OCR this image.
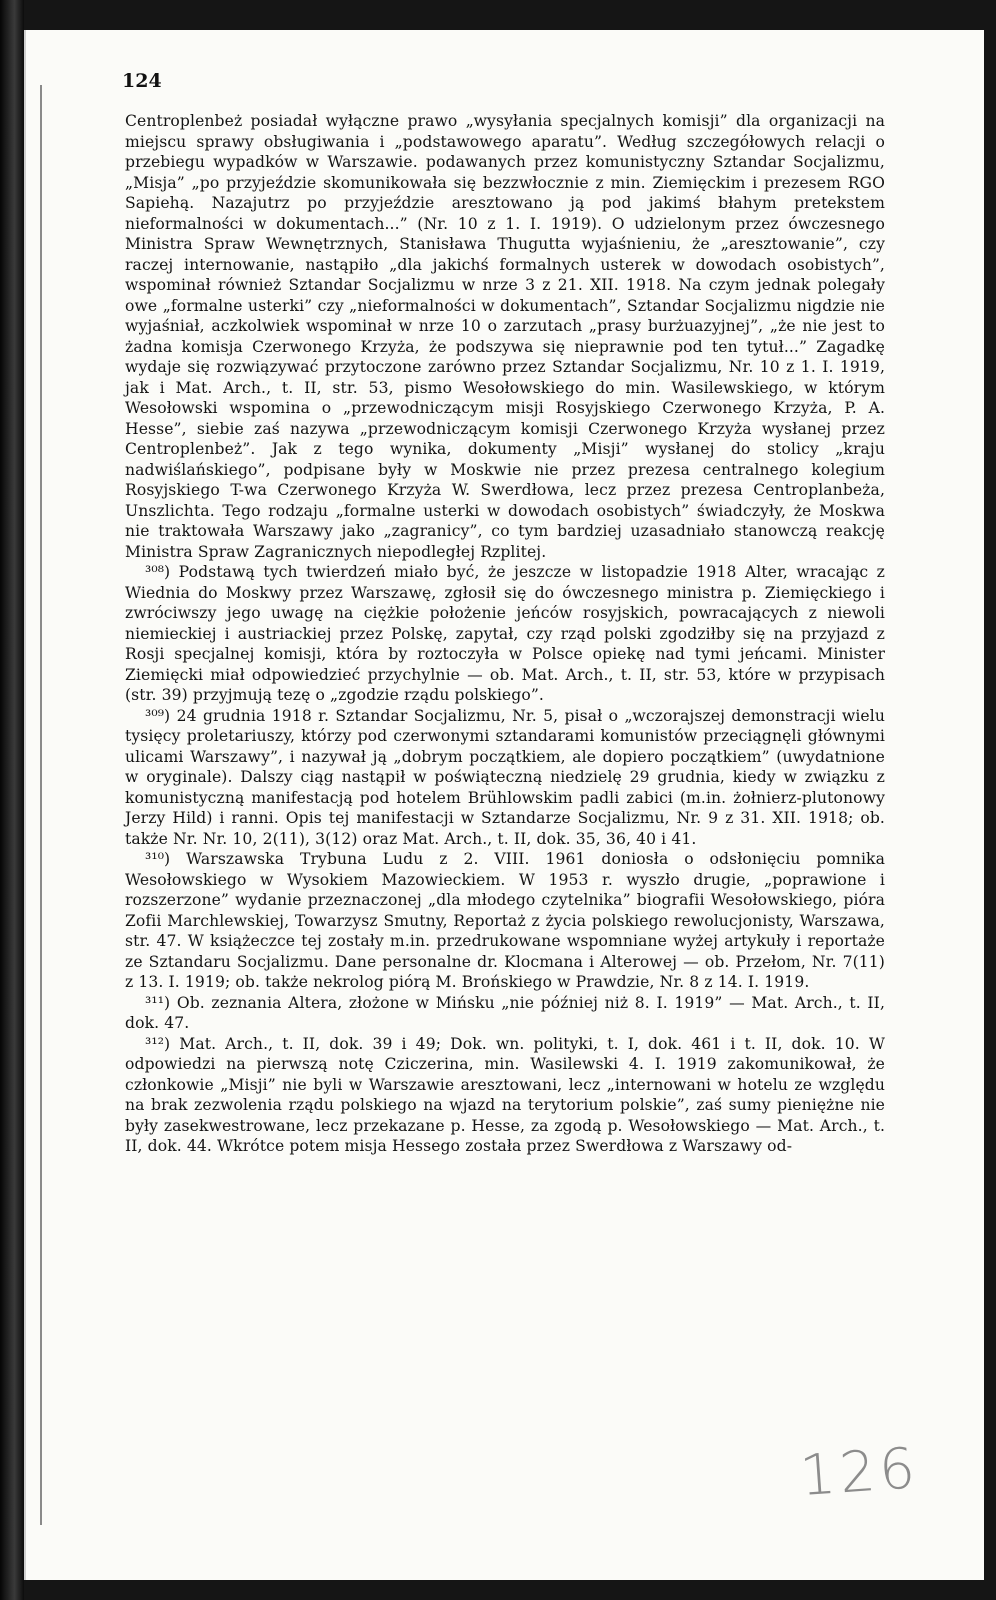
124

Centroplenbeż posiadał wyłączne prawo „wysyłania specjalnych komisji” dla organizacji na miejscu sprawy obsługiwania i „podstawowego aparatu”. Według szczegółowych relacji o przebiegu wypadków w Warszawie. podawanych przez komunistyczny Sztandar Socjalizmu, „Misja” „po przyjeździe skomunikowała się bezzwłocznie z min. Ziemięckim i prezesem RGO Sapiehą. Nazajutrz po przyjeździe aresztowano ją pod jakimś błahym pretekstem nieformalności w dokumentach...” (Nr. 10 z 1. I. 1919). O udzielonym przez ówczesnego Ministra Spraw Wewnętrznych, Stanisława Thugutta wyjaśnieniu, że „aresztowanie”, czy raczej internowanie, nastąpiło „dla jakichś formalnych usterek w dowodach osobistych”, wspominał również Sztandar Socjalizmu w nrze 3 z 21. XII. 1918. Na czym jednak polegały owe „formalne usterki” czy „nieformalności w dokumentach”, Sztandar Socjalizmu nigdzie nie wyjaśniał, aczkolwiek wspominał w nrze 10 o zarzutach „prasy burżuazyjnej”, „że nie jest to żadna komisja Czerwonego Krzyża, że podszywa się nieprawnie pod ten tytuł...” Zagadkę wydaje się rozwiązywać przytoczone zarówno przez Sztandar Socjalizmu, Nr. 10 z 1. I. 1919, jak i Mat. Arch., t. II, str. 53, pismo Wesołowskiego do min. Wasilewskiego, w którym Wesołowski wspomina o „przewodniczącym misji Rosyjskiego Czerwonego Krzyża, P. A. Hesse”, siebie zaś nazywa „przewodniczącym komisji Czerwonego Krzyża wysłanej przez Centroplenbeż”. Jak z tego wynika, dokumenty „Misji” wysłanej do stolicy „kraju nadwiślańskiego”, podpisane były w Moskwie nie przez prezesa centralnego kolegium Rosyjskiego T-wa Czerwonego Krzyża W. Swerdłowa, lecz przez prezesa Centroplanbeża, Unszlichta. Tego rodzaju „formalne usterki w dowodach osobistych” świadczyły, że Moskwa nie traktowała Warszawy jako „zagranicy”, co tym bardziej uzasadniało stanowczą reakcję Ministra Spraw Zagranicznych niepodległej Rzplitej.

³⁰⁸) Podstawą tych twierdzeń miało być, że jeszcze w listopadzie 1918 Alter, wracając z Wiednia do Moskwy przez Warszawę, zgłosił się do ówczesnego ministra p. Ziemięckiego i zwróciwszy jego uwagę na ciężkie położenie jeńców rosyjskich, powracających z niewoli niemieckiej i austriackiej przez Polskę, zapytał, czy rząd polski zgodziłby się na przyjazd z Rosji specjalnej komisji, która by roztoczyła w Polsce opiekę nad tymi jeńcami. Minister Ziemięcki miał odpowiedzieć przychylnie — ob. Mat. Arch., t. II, str. 53, które w przypisach (str. 39) przyjmują tezę o „zgodzie rządu polskiego”.

³⁰⁹) 24 grudnia 1918 r. Sztandar Socjalizmu, Nr. 5, pisał o „wczorajszej demonstracji wielu tysięcy proletariuszy, którzy pod czerwonymi sztandarami komunistów przeciągnęli głównymi ulicami Warszawy”, i nazywał ją „dobrym początkiem, ale dopiero początkiem” (uwydatnione w oryginale). Dalszy ciąg nastąpił w poświąteczną niedzielę 29 grudnia, kiedy w związku z komunistyczną manifestacją pod hotelem Brühlowskim padli zabici (m.in. żołnierz-plutonowy Jerzy Hild) i ranni. Opis tej manifestacji w Sztandarze Socjalizmu, Nr. 9 z 31. XII. 1918; ob. także Nr. Nr. 10, 2(11), 3(12) oraz Mat. Arch., t. II, dok. 35, 36, 40 i 41.

³¹⁰) Warszawska Trybuna Ludu z 2. VIII. 1961 doniosła o odsłonięciu pomnika Wesołowskiego w Wysokiem Mazowieckiem. W 1953 r. wyszło drugie, „poprawione i rozszerzone” wydanie przeznaczonej „dla młodego czytelnika” biografii Wesołowskiego, pióra Zofii Marchlewskiej, Towarzysz Smutny, Reportaż z życia polskiego rewolucjonisty, Warszawa, str. 47. W książeczce tej zostały m.in. przedrukowane wspomniane wyżej artykuły i reportaże ze Sztandaru Socjalizmu. Dane personalne dr. Klocmana i Alterowej — ob. Przełom, Nr. 7(11) z 13. I. 1919; ob. także nekrolog piórą M. Brońskiego w Prawdzie, Nr. 8 z 14. I. 1919.

³¹¹) Ob. zeznania Altera, złożone w Mińsku „nie później niż 8. I. 1919” — Mat. Arch., t. II, dok. 47.

³¹²) Mat. Arch., t. II, dok. 39 i 49; Dok. wn. polityki, t. I, dok. 461 i t. II, dok. 10. W odpowiedzi na pierwszą notę Cziczerina, min. Wasilewski 4. I. 1919 zakomunikował, że członkowie „Misji” nie byli w Warszawie aresztowani, lecz „internowani w hotelu ze względu na brak zezwolenia rządu polskiego na wjazd na terytorium polskie”, zaś sumy pieniężne nie były zasekwestrowane, lecz przekazane p. Hesse, za zgodą p. Wesołowskiego — Mat. Arch., t. II, dok. 44. Wkrótce potem misja Hessego została przez Swerdłowa z Warszawy od-

126
